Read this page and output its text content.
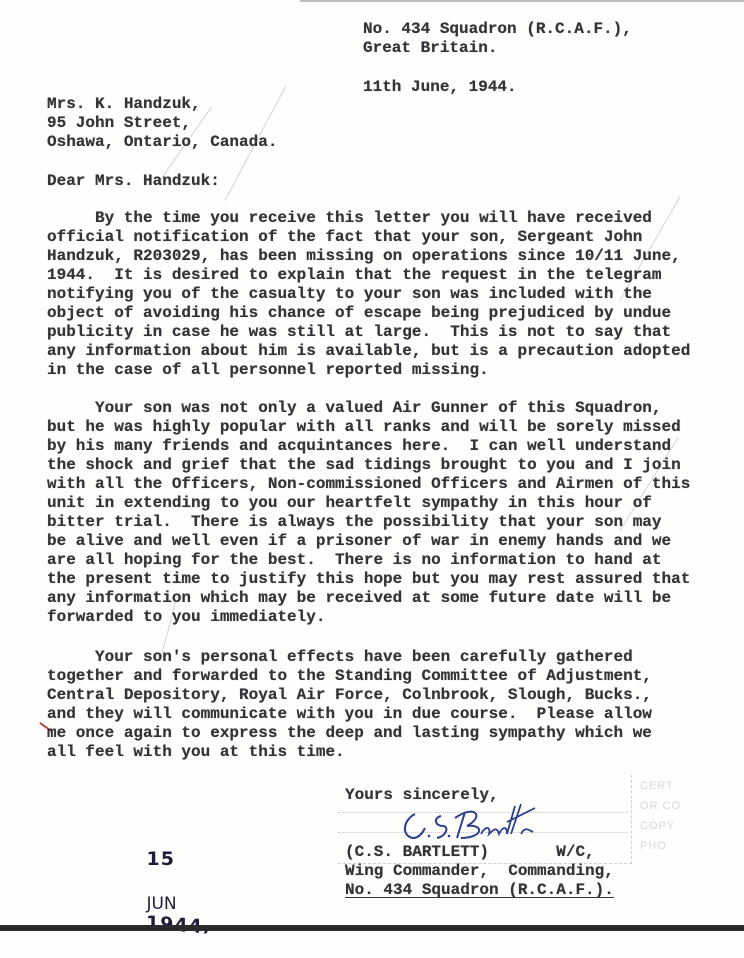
No. 434 Squadron (R.C.A.F.),
Great Britain.
11th June, 1944.
Mrs. K. Handzuk,
95 John Street,
Oshawa, Ontario, Canada.
Dear Mrs. Handzuk:
By the time you receive this letter you will have received
official notification of the fact that your son, Sergeant John
Handzuk, R203029, has been missing on operations since 10/11 June,
1944.  It is desired to explain that the request in the telegram
notifying you of the casualty to your son was included with the
object of avoiding his chance of escape being prejudiced by undue
publicity in case he was still at large.  This is not to say that
any information about him is available, but is a precaution adopted
in the case of all personnel reported missing.
Your son was not only a valued Air Gunner of this Squadron,
but he was highly popular with all ranks and will be sorely missed
by his many friends and acquintances here.  I can well understand
the shock and grief that the sad tidings brought to you and I join
with all the Officers, Non-commissioned Officers and Airmen of this
unit in extending to you our heartfelt sympathy in this hour of
bitter trial.  There is always the possibility that your son may
be alive and well even if a prisoner of war in enemy hands and we
are all hoping for the best.  There is no information to hand at
the present time to justify this hope but you may rest assured that
any information which may be received at some future date will be
forwarded to you immediately.
Your son's personal effects have been carefully gathered
together and forwarded to the Standing Committee of Adjustment,
Central Depository, Royal Air Force, Colnbrook, Slough, Bucks.,
and they will communicate with you in due course.  Please allow
me once again to express the deep and lasting sympathy which we
all feel with you at this time.
CERT
OR CO
COPY
PHO
Yours sincerely,
(C.S. BARTLETT)       W/C,
Wing Commander,  Commanding,
No. 434 Squadron (R.C.A.F.).

15

JUN
